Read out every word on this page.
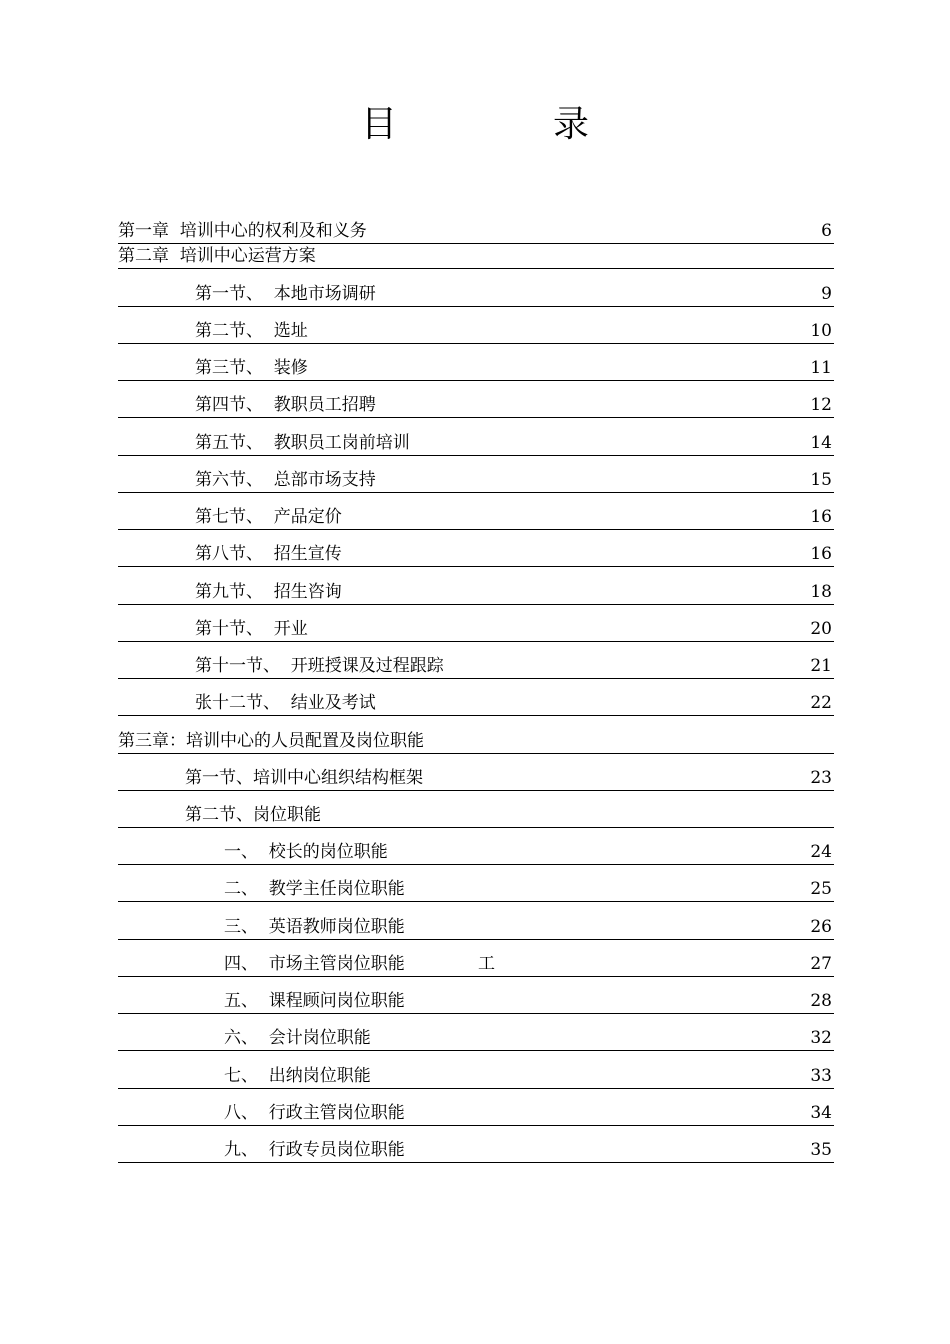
目　录
第一章  培训中心的权利及和义务	6
第二章  培训中心运营方案
第一节、  本地市场调研	9
第二节、  选址	10
第三节、  装修	11
第四节、  教职员工招聘	12
第五节、  教职员工岗前培训	14
第六节、  总部市场支持	15
第七节、  产品定价	16
第八节、  招生宣传	16
第九节、  招生咨询	18
第十节、  开业	20
第十一节、  开班授课及过程跟踪	21
张十二节、  结业及考试	22
第三章：培训中心的人员配置及岗位职能
第一节、培训中心组织结构框架	23
第二节、岗位职能
一、  校长的岗位职能	24
二、  教学主任岗位职能	25
三、  英语教师岗位职能	26
四、  市场主管岗位职能	工	27
五、  课程顾问岗位职能	28
六、  会计岗位职能	32
七、  出纳岗位职能	33
八、  行政主管岗位职能	34
九、  行政专员岗位职能	35
